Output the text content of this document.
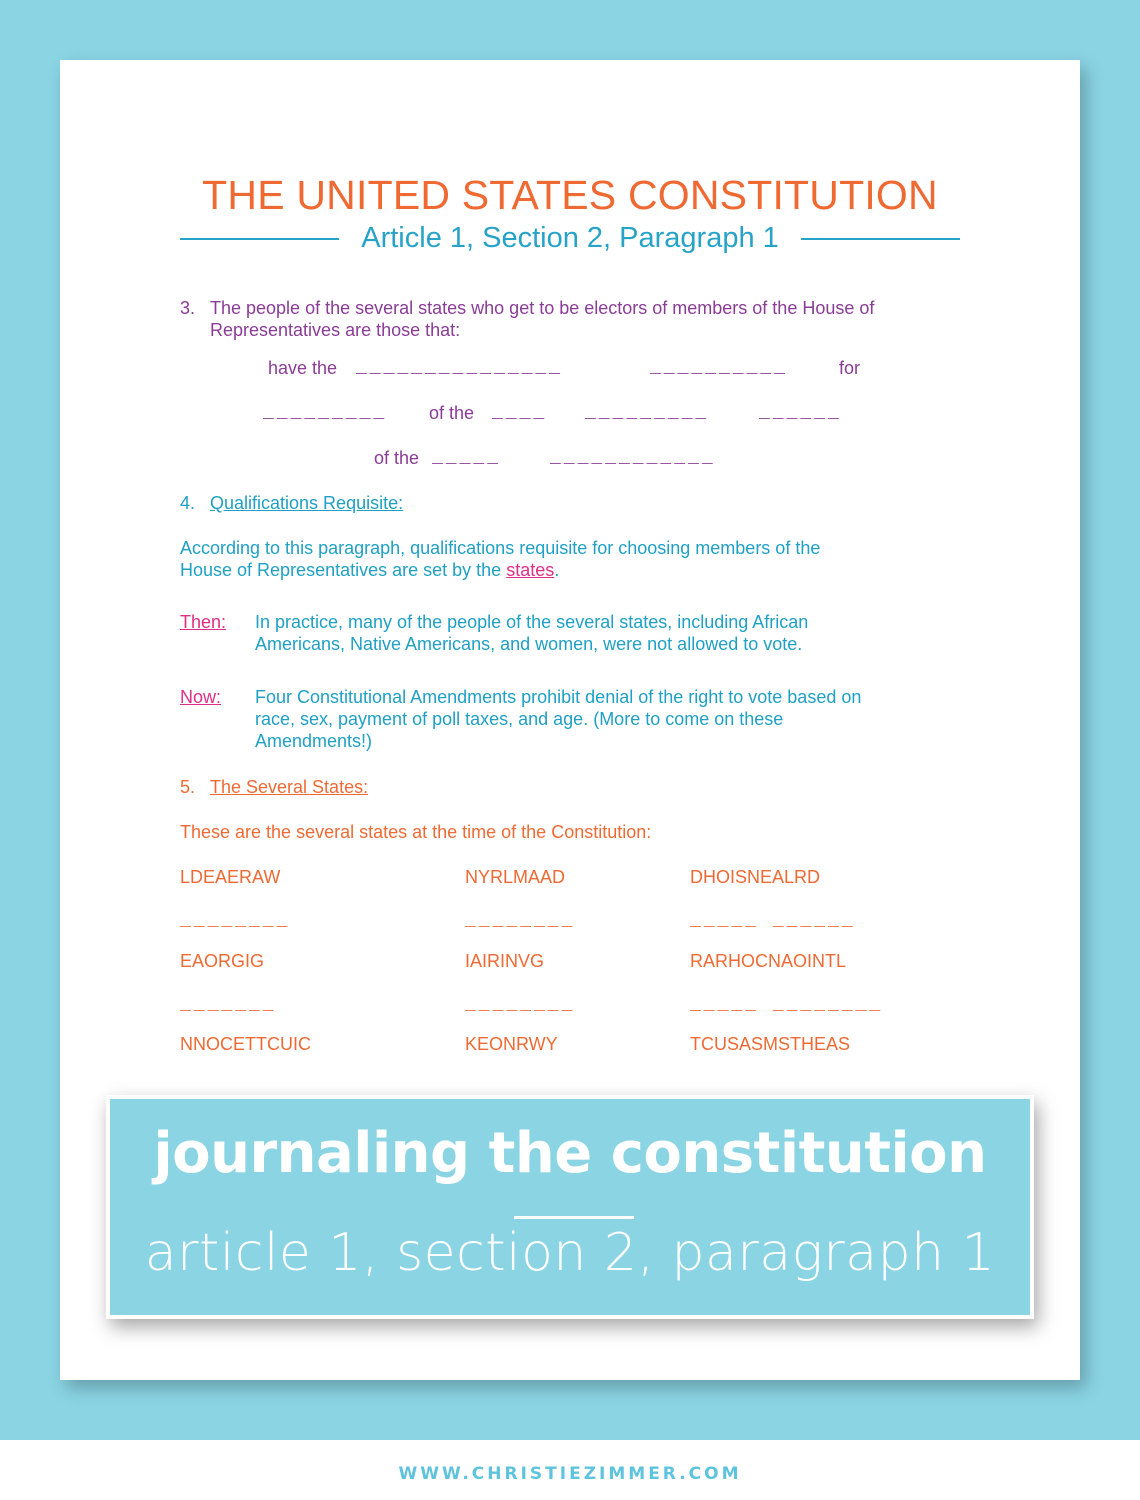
THE UNITED STATES CONSTITUTION
Article 1, Section 2, Paragraph 1
3. The people of the several states who get to be electors of members of the House of
Representatives are those that:
have the _______________	__________	for
_________ of the ____ _________	______
of the _____	____________
4. Qualifications Requisite:
According to this paragraph, qualifications requisite for choosing members of the
House of Representatives are set by the states.
Then: In practice, many of the people of the several states, including African
Americans, Native Americans, and women, were not allowed to vote.
Now: Four Constitutional Amendments prohibit denial of the right to vote based on
race, sex, payment of poll taxes, and age. (More to come on these
Amendments!)
5. The Several States:
These are the several states at the time of the Constitution:
LDEAERAW	NYRLMAAD	DHOISNEALRD
________	________	_____ ______
EAORGIG	IAIRINVG	RARHOCNAOINTL
_______	________	_____ ________
NNOCETTCUIC	KEONRWY	TCUSASMSTHEAS
journaling the constitution
article 1, section 2, paragraph 1
WWW.CHRISTIEZIMMER.COM
